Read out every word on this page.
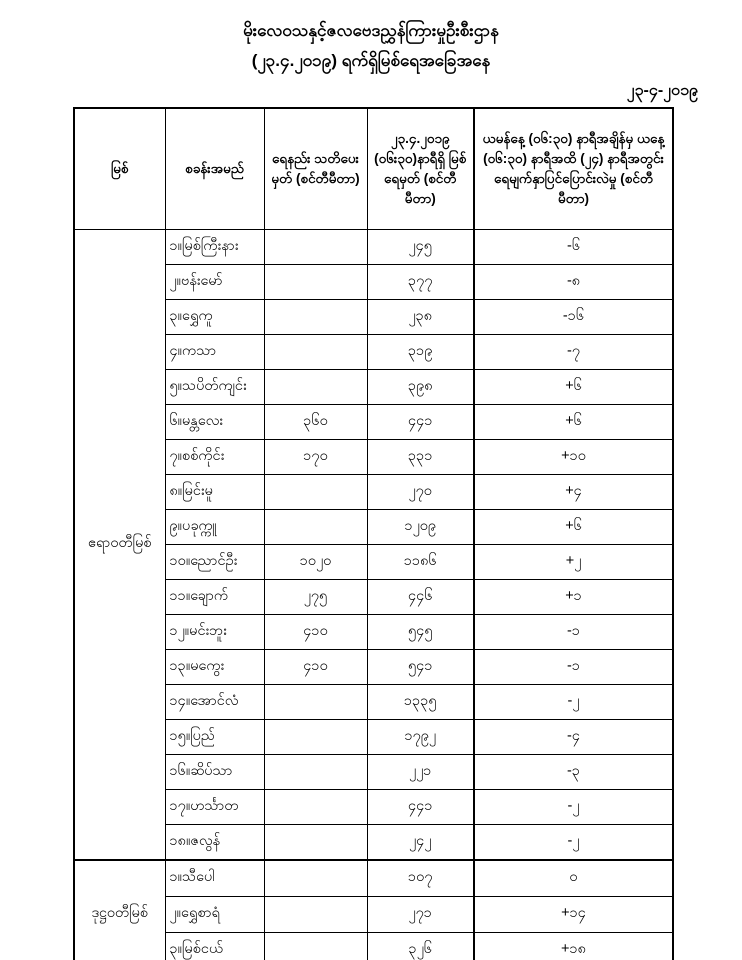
မိုးလေဝသနှင့်ဇလဗေဒညွှန်ကြားမှုဦးစီးဌာန
(၂၃.၄.၂၀၁၉) ရက်ရှိမြစ်ရေအခြေအနေ
၂၃-၄-၂၀၁၉
မြစ်	စခန်းအမည်	ရေနည်း သတိပေးမှတ် (စင်တီမီတာ)	၂၃.၄.၂၀၁၉ (၀၆း၃၀)နာရီရှိ မြစ်ရေမှတ် (စင်တီမီတာ)	ယမန်နေ့ (၀၆:၃၀) နာရီအချိန်မှ ယနေ့ (၀၆:၃၀) နာရီအထိ (၂၄) နာရီအတွင်း ရေမျက်နှာပြင်ပြောင်းလဲမှု (စင်တီမီတာ)
ဧရာဝတီမြစ်	၁။မြစ်ကြီးနား		၂၄၅	-၆
	၂။ဗန်းမော်		၃၇၇	-၈
	၃။ရွှေကူ		၂၃၈	-၁၆
	၄။ကသာ		၃၁၉	-၇
	၅။သပိတ်ကျင်း		၃၉၈	+၆
	၆။မန္တလေး	၃၆၀	၄၄၁	+၆
	၇။စစ်ကိုင်း	၁၇၀	၃၃၁	+၁၀
	၈။မြင်းမူ		၂၇၀	+၄
	၉။ပခုက္ကူ		၁၂၀၉	+၆
	၁၀။ညောင်ဦး	၁၀၂၀	၁၁၈၆	+၂
	၁၁။ချောက်	၂၇၅	၄၄၆	+၁
	၁၂။မင်းဘူး	၄၁၀	၅၄၅	-၁
	၁၃။မကွေး	၄၁၀	၅၄၁	-၁
	၁၄။အောင်လံ		၁၃၃၅	-၂
	၁၅။ပြည်		၁၇၉၂	-၄
	၁၆။ဆိပ်သာ		၂၂၁	-၃
	၁၇။ဟင်္သာတ		၄၄၁	-၂
	၁၈။ဇလွန်		၂၄၂	-၂
ဒုဋ္ဌဝတီမြစ်	၁။သီပေါ		၁၀၇	၀
	၂။ရွှေစာရံ		၂၇၁	+၁၄
	၃။မြစ်ငယ်		၃၂၆	+၁၈
